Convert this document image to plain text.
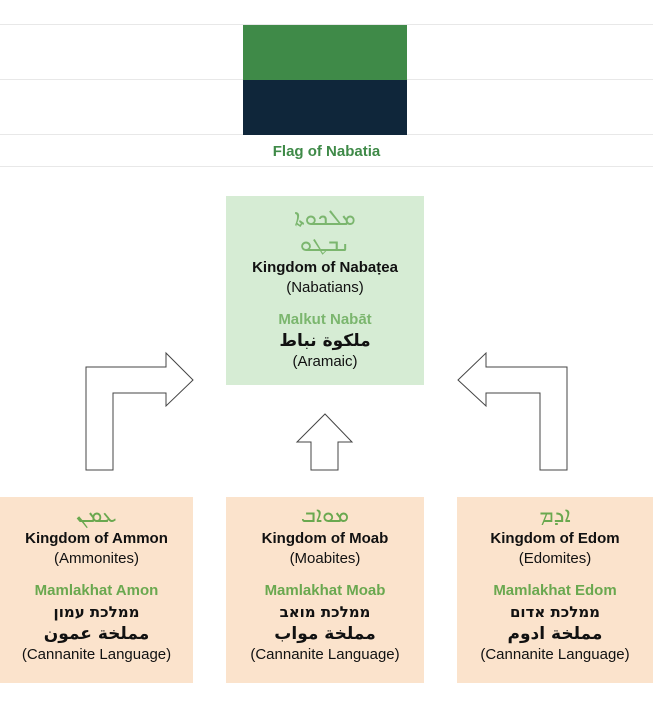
Flag of Nabatia
ܡܠܟܘܬܐ
ܢܒܛܘ
Kingdom of Nabaṭea
(Nabatians)
Malkut Nabāt
ملكوة نباط
(Aramaic)
ܥܡܢ
Kingdom of Ammon
(Ammonites)
Mamlakhat Amon
ממלכת עמון
مملخة عمون
(Cannanite Language)
ܡܘܐܒ
Kingdom of Moab
(Moabites)
Mamlakhat Moab
ממלכת מואב
مملخة مواب
(Cannanite Language)
ܐܕܡ
Kingdom of Edom
(Edomites)
Mamlakhat Edom
ממלכת אדום
مملخة ادوم
(Cannanite Language)
